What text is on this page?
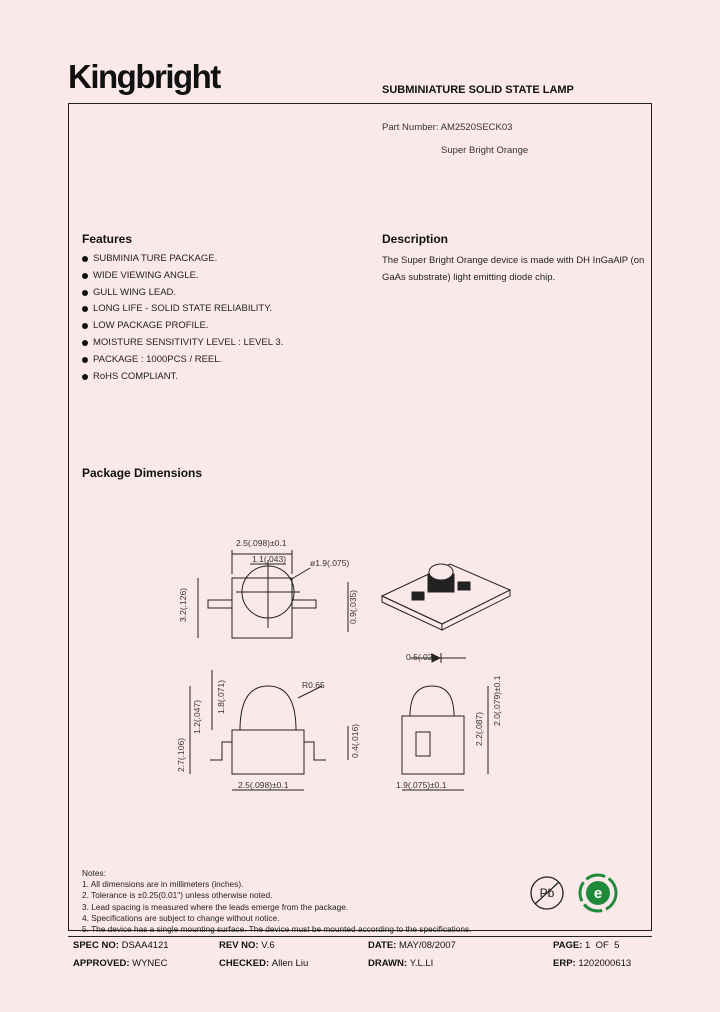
Kingbright	SUBMINIATURE SOLID STATE LAMP
Part Number: AM2520SECK03
Super Bright Orange
Features
SUBMINIA TURE PACKAGE.
WIDE VIEWING ANGLE.
GULL WING LEAD.
LONG LIFE - SOLID STATE RELIABILITY.
LOW PACKAGE PROFILE.
MOISTURE SENSITIVITY LEVEL : LEVEL 3.
PACKAGE : 1000PCS / REEL.
RoHS COMPLIANT.
Description
The Super Bright Orange device is made with DH InGaAlP (on GaAs substrate) light emitting diode chip.
Package Dimensions
2.5(.098)±0.1
1.1(.043)	ø1.9(.075)
3.2(.126)	0.9(.035)
R0.65
2.5(.098)±0.1
1.2(.047)
1.8(.071)
2.7(.106)
2.2(.087)
1.9(.075)±0.1
0.4(.016)
2.0(.079)±0.1
0.5(.02)
Notes:
1. All dimensions are in millimeters (inches).
2. Tolerance is ±0.25(0.01") unless otherwise noted.
3. Lead spacing is measured where the leads emerge from the package.
4. Specifications are subject to change without notice.
5. The device has a single mounting surface. The device must be mounted according to the specifications.
Pb	e
SPEC NO: DSAA4121	REV NO: V.6	DATE: MAY/08/2007	PAGE: 1  OF  5
APPROVED: WYNEC	CHECKED: Allen Liu	DRAWN: Y.L.LI	ERP: 1202000613
